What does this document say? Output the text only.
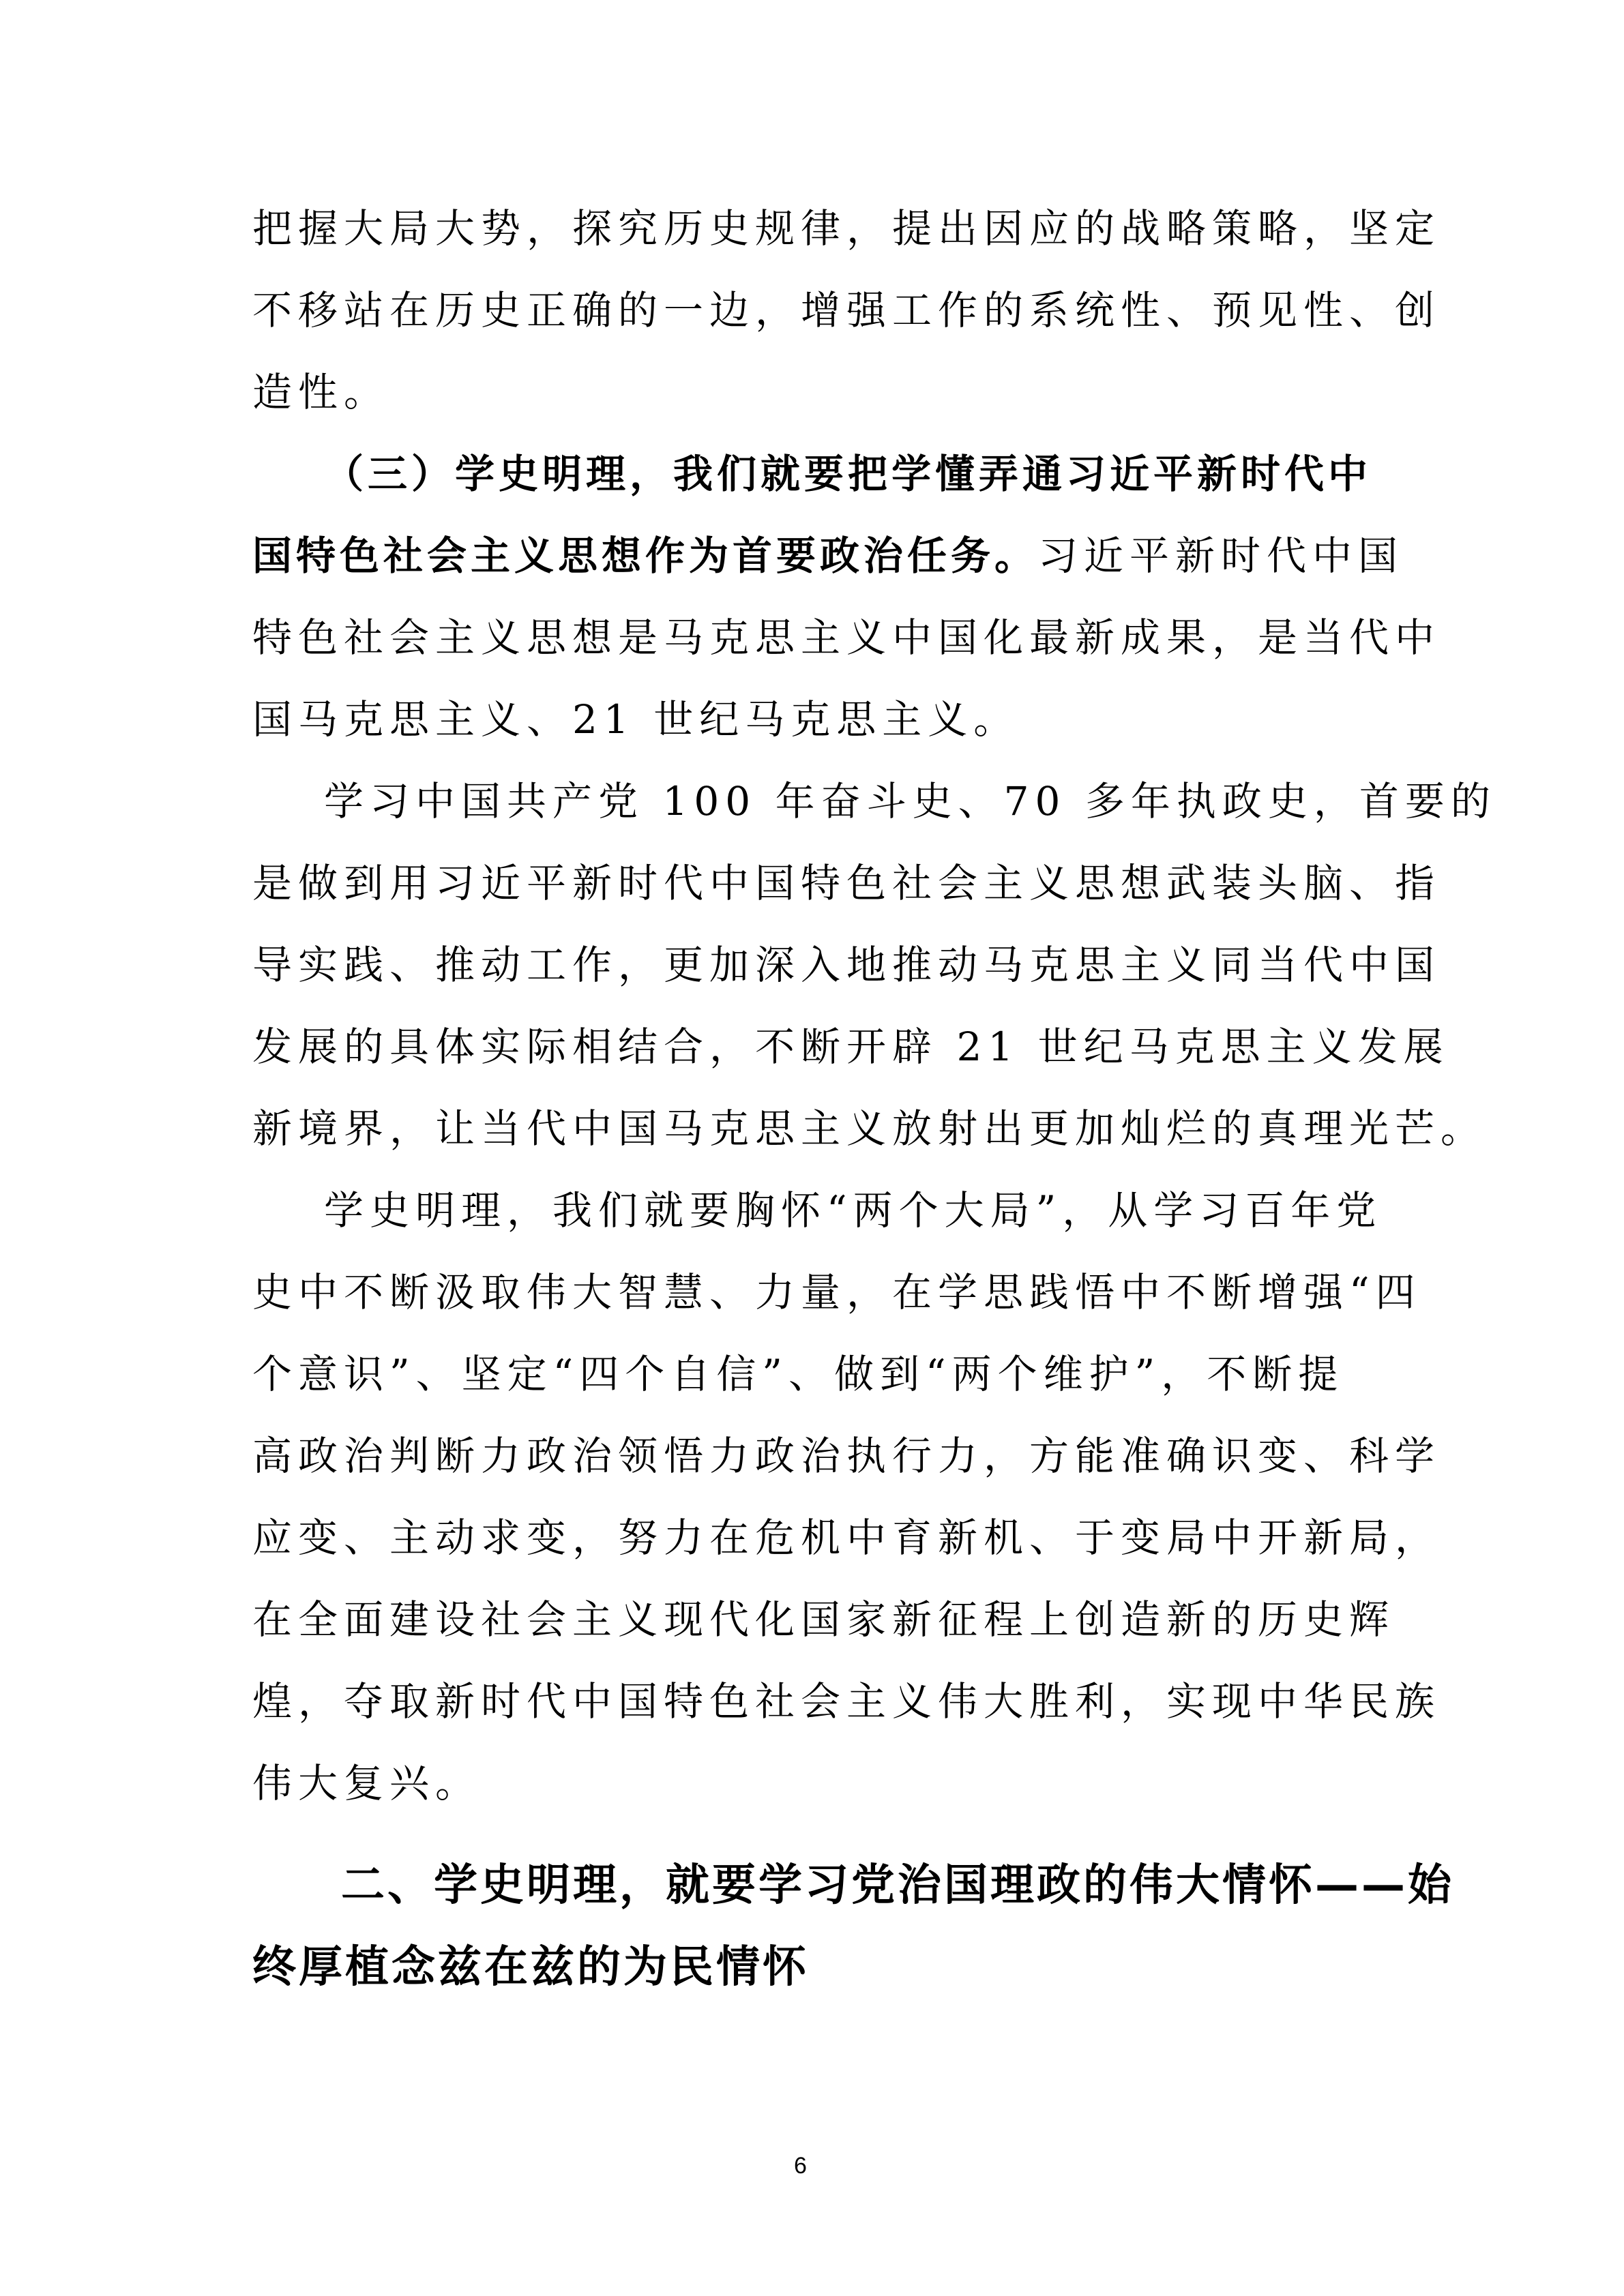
把握大局大势，探究历史规律，提出因应的战略策略，坚定
不移站在历史正确的一边，增强工作的系统性、预见性、创
造性。
（三）学史明理，我们就要把学懂弄通习近平新时代中
国特色社会主义思想作为首要政治任务。习近平新时代中国
特色社会主义思想是马克思主义中国化最新成果，是当代中
国马克思主义、21 世纪马克思主义。
学习中国共产党 100 年奋斗史、70 多年执政史，首要的
是做到用习近平新时代中国特色社会主义思想武装头脑、指
导实践、推动工作，更加深入地推动马克思主义同当代中国
发展的具体实际相结合，不断开辟 21 世纪马克思主义发展
新境界，让当代中国马克思主义放射出更加灿烂的真理光芒。
学史明理，我们就要胸怀“两个大局”，从学习百年党
史中不断汲取伟大智慧、力量，在学思践悟中不断增强“四
个意识”、坚定“四个自信”、做到“两个维护”，不断提
高政治判断力政治领悟力政治执行力，方能准确识变、科学
应变、主动求变，努力在危机中育新机、于变局中开新局，
在全面建设社会主义现代化国家新征程上创造新的历史辉
煌，夺取新时代中国特色社会主义伟大胜利，实现中华民族
伟大复兴。
二、学史明理，就要学习党治国理政的伟大情怀——始
终厚植念兹在兹的为民情怀
6
